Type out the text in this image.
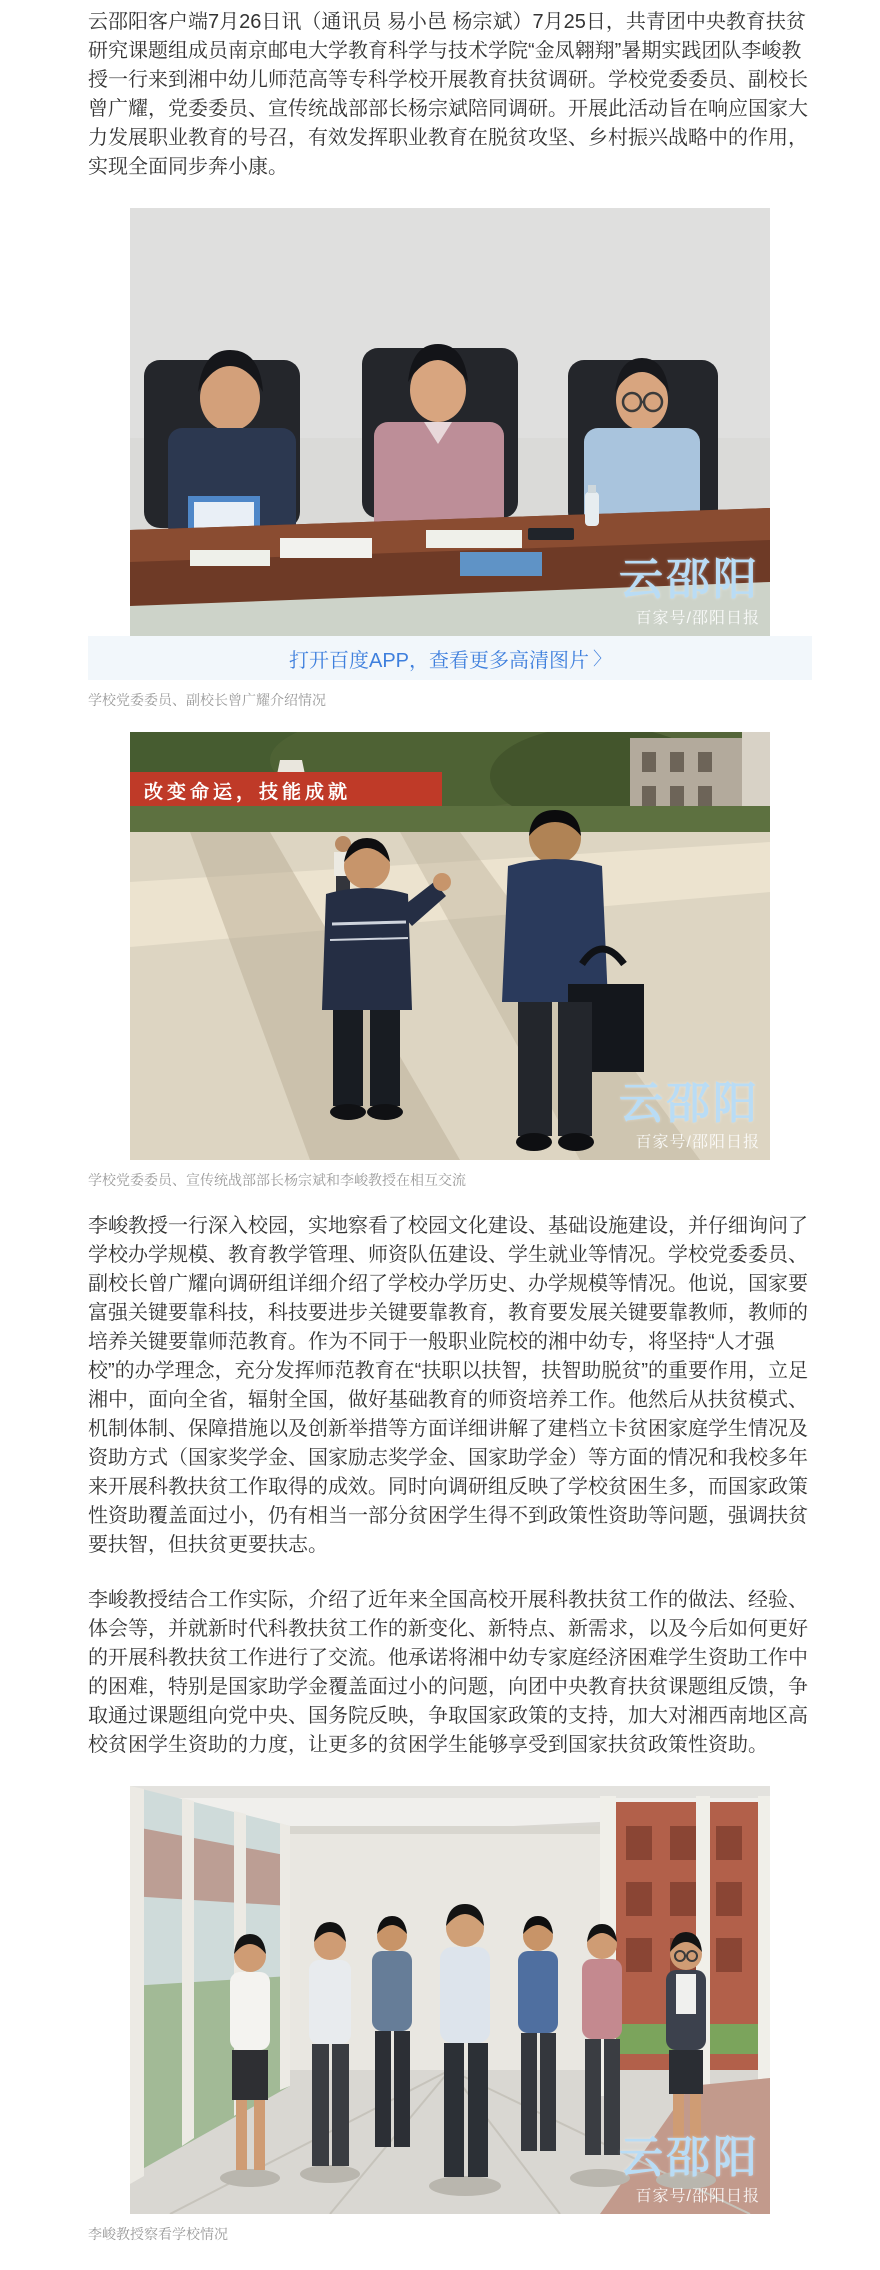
云邵阳客户端7月26日讯（通讯员 易小邑 杨宗斌）7月25日，共青团中央教育扶贫研究课题组成员南京邮电大学教育科学与技术学院“金凤翱翔”暑期实践团队李峻教授一行来到湘中幼儿师范高等专科学校开展教育扶贫调研。学校党委委员、副校长曾广耀，党委委员、宣传统战部部长杨宗斌陪同调研。开展此活动旨在响应国家大力发展职业教育的号召，有效发挥职业教育在脱贫攻坚、乡村振兴战略中的作用，实现全面同步奔小康。

云邵阳
百家号/邵阳日报
打开百度APP，查看更多高清图片 〉
学校党委委员、副校长曾广耀介绍情况
改变命运，技能成就
云邵阳
百家号/邵阳日报
学校党委委员、宣传统战部部长杨宗斌和李峻教授在相互交流

李峻教授一行深入校园，实地察看了校园文化建设、基础设施建设，并仔细询问了学校办学规模、教育教学管理、师资队伍建设、学生就业等情况。学校党委委员、副校长曾广耀向调研组详细介绍了学校办学历史、办学规模等情况。他说，国家要富强关键要靠科技，科技要进步关键要靠教育，教育要发展关键要靠教师，教师的培养关键要靠师范教育。作为不同于一般职业院校的湘中幼专，将坚持“人才强校”的办学理念，充分发挥师范教育在“扶职以扶智，扶智助脱贫”的重要作用，立足湘中，面向全省，辐射全国，做好基础教育的师资培养工作。他然后从扶贫模式、机制体制、保障措施以及创新举措等方面详细讲解了建档立卡贫困家庭学生情况及资助方式（国家奖学金、国家励志奖学金、国家助学金）等方面的情况和我校多年来开展科教扶贫工作取得的成效。同时向调研组反映了学校贫困生多，而国家政策性资助覆盖面过小，仍有相当一部分贫困学生得不到政策性资助等问题，强调扶贫要扶智，但扶贫更要扶志。

李峻教授结合工作实际，介绍了近年来全国高校开展科教扶贫工作的做法、经验、体会等，并就新时代科教扶贫工作的新变化、新特点、新需求，以及今后如何更好的开展科教扶贫工作进行了交流。他承诺将湘中幼专家庭经济困难学生资助工作中的困难，特别是国家助学金覆盖面过小的问题，向团中央教育扶贫课题组反馈，争取通过课题组向党中央、国务院反映，争取国家政策的支持，加大对湘西南地区高校贫困学生资助的力度，让更多的贫困学生能够享受到国家扶贫政策性资助。

云邵阳
百家号/邵阳日报
李峻教授察看学校情况
